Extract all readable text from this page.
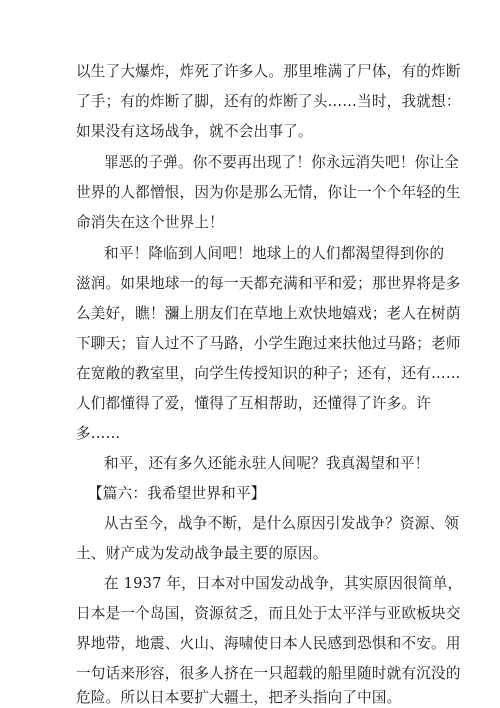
以生了大爆炸，炸死了许多人。那里堆满了尸体，有的炸断
了手；有的炸断了脚，还有的炸断了头……当时，我就想：
如果没有这场战争，就不会出事了。
罪恶的子弹。你不要再出现了！你永远消失吧！你让全
世界的人都憎恨，因为你是那么无情，你让一个个年轻的生
命消失在这个世界上！
和平！降临到人间吧！地球上的人们都渴望得到你的
滋润。如果地球一的每一天都充满和平和爱；那世界将是多
么美好，瞧！瀰上朋友们在草地上欢快地嬉戏；老人在树荫
下聊天；盲人过不了马路，小学生跑过来扶他过马路；老师
在宽敞的教室里，向学生传授知识的种子；还有，还有……
人们都懂得了爱，懂得了互相帮助，还懂得了许多。许
多……
和平，还有多久还能永驻人间呢？我真渴望和平！
【篇六：我希望世界和平】
从古至今，战争不断，是什么原因引发战争？资源、领
土、财产成为发动战争最主要的原因。
在 1937 年，日本对中国发动战争，其实原因很简单，
日本是一个岛国，资源贫乏，而且处于太平洋与亚欧板块交
界地带，地震、火山、海啸使日本人民感到恐惧和不安。用
一句话来形容，很多人挤在一只超载的船里随时就有沉没的
危险。所以日本要扩大疆土，把矛头指向了中国。
